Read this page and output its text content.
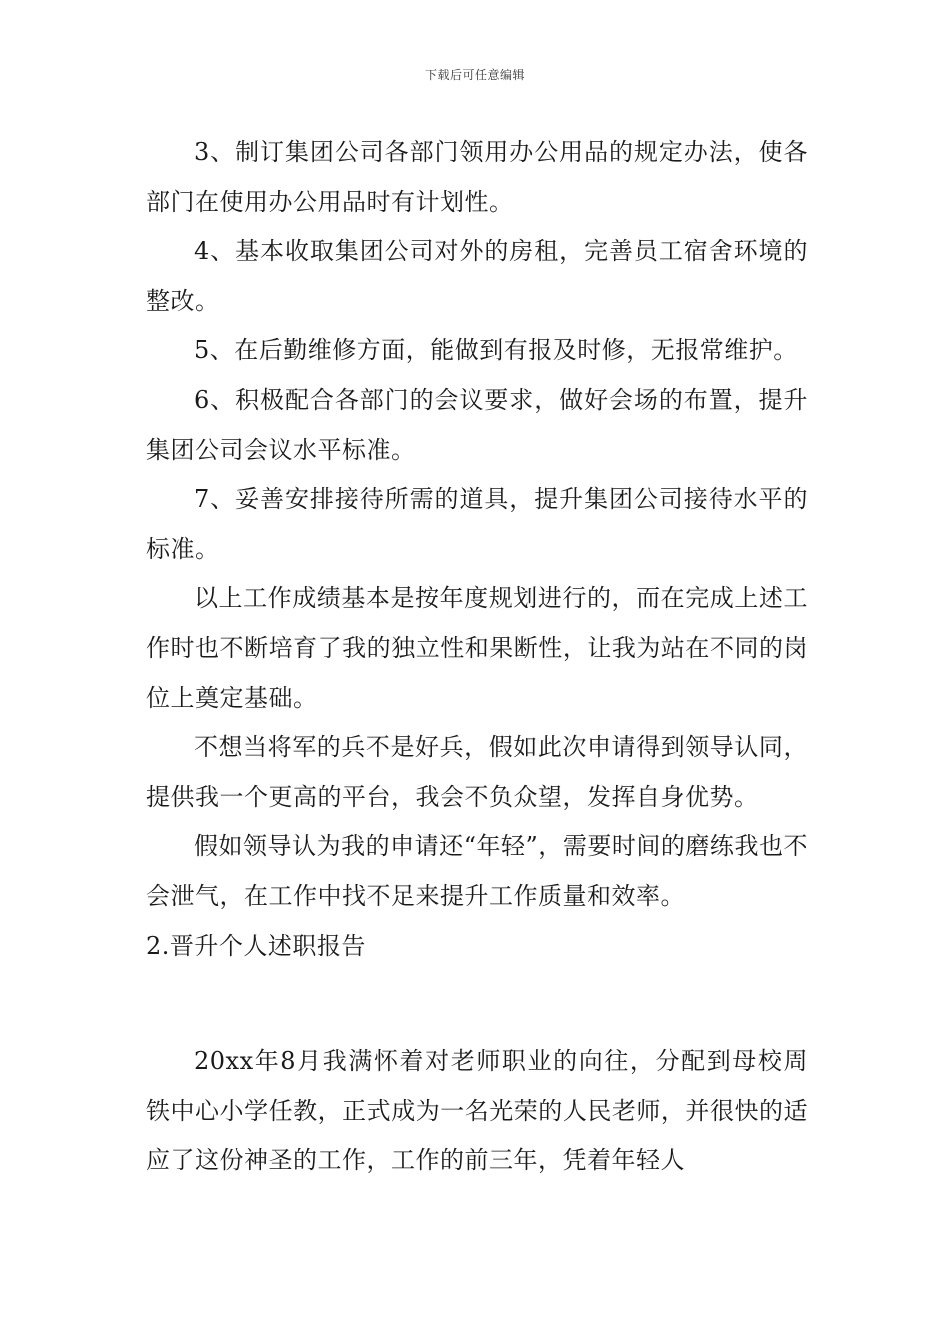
下载后可任意编辑

3、制订集团公司各部门领用办公用品的规定办法，使各部门在使用办公用品时有计划性。

4、基本收取集团公司对外的房租，完善员工宿舍环境的整改。

5、在后勤维修方面，能做到有报及时修，无报常维护。

6、积极配合各部门的会议要求，做好会场的布置，提升集团公司会议水平标准。

7、妥善安排接待所需的道具，提升集团公司接待水平的标准。

以上工作成绩基本是按年度规划进行的，而在完成上述工作时也不断培育了我的独立性和果断性，让我为站在不同的岗位上奠定基础。

不想当将军的兵不是好兵，假如此次申请得到领导认同，提供我一个更高的平台，我会不负众望，发挥自身优势。

假如领导认为我的申请还“年轻”，需要时间的磨练我也不会泄气，在工作中找不足来提升工作质量和效率。

2.晋升个人述职报告

20xx年8月我满怀着对老师职业的向往，分配到母校周铁中心小学任教，正式成为一名光荣的人民老师，并很快的适应了这份神圣的工作，工作的前三年，凭着年轻人
